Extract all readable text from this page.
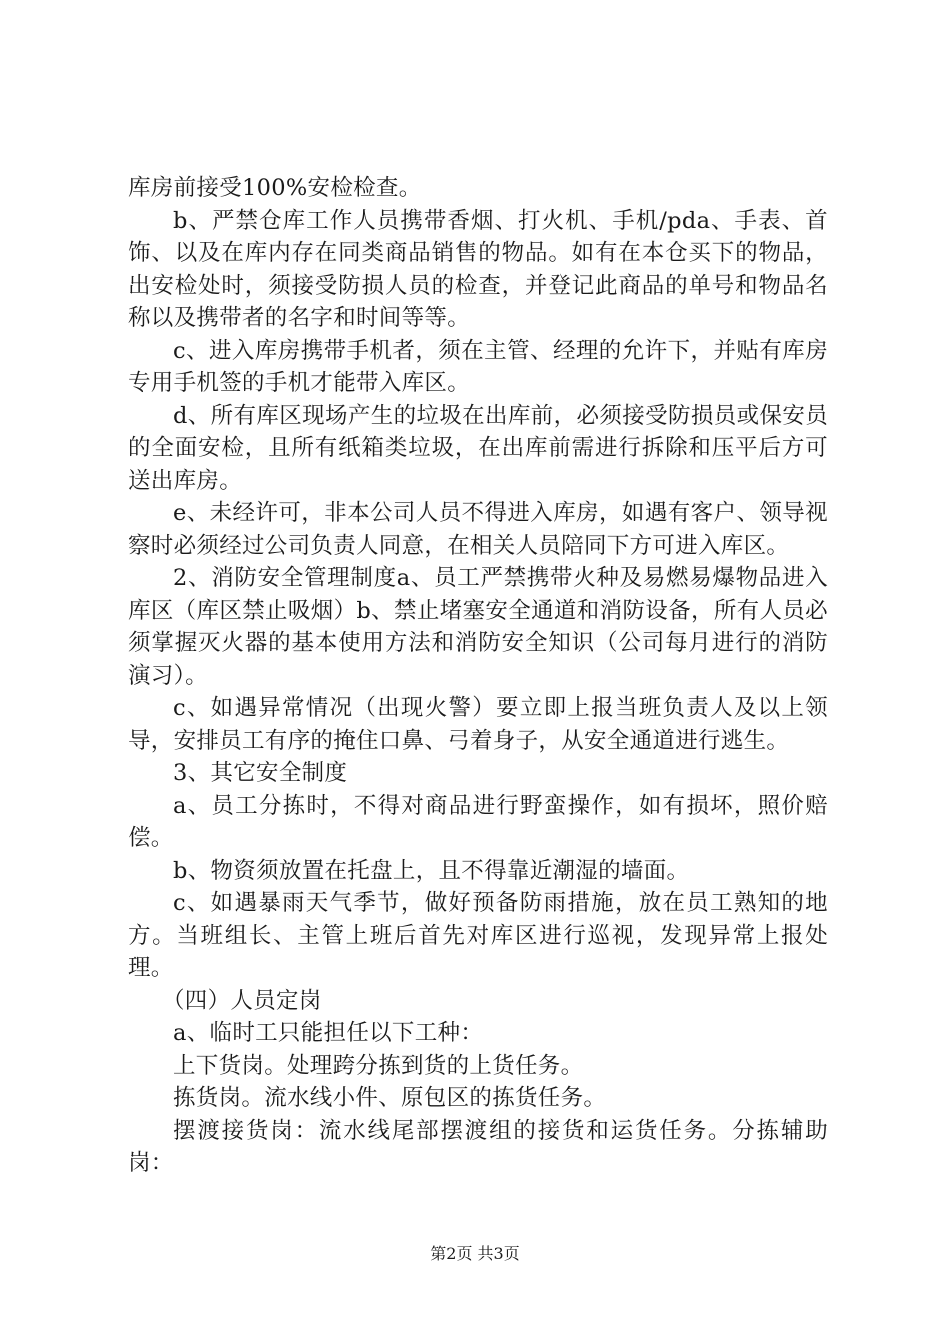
库房前接受100%安检检查。

b、严禁仓库工作人员携带香烟、打火机、手机/pda、手表、首饰、以及在库内存在同类商品销售的物品。如有在本仓买下的物品，出安检处时，须接受防损人员的检查，并登记此商品的单号和物品名称以及携带者的名字和时间等等。

c、进入库房携带手机者，须在主管、经理的允许下，并贴有库房专用手机签的手机才能带入库区。

d、所有库区现场产生的垃圾在出库前，必须接受防损员或保安员的全面安检，且所有纸箱类垃圾，在出库前需进行拆除和压平后方可送出库房。

e、未经许可，非本公司人员不得进入库房，如遇有客户、领导视察时必须经过公司负责人同意，在相关人员陪同下方可进入库区。

2、消防安全管理制度a、员工严禁携带火种及易燃易爆物品进入库区（库区禁止吸烟）b、禁止堵塞安全通道和消防设备，所有人员必须掌握灭火器的基本使用方法和消防安全知识（公司每月进行的消防演习）。

c、如遇异常情况（出现火警）要立即上报当班负责人及以上领导，安排员工有序的掩住口鼻、弓着身子，从安全通道进行逃生。

3、其它安全制度

a、员工分拣时，不得对商品进行野蛮操作，如有损坏，照价赔偿。

b、物资须放置在托盘上，且不得靠近潮湿的墙面。

c、如遇暴雨天气季节，做好预备防雨措施，放在员工熟知的地方。当班组长、主管上班后首先对库区进行巡视，发现异常上报处理。

（四）人员定岗

a、临时工只能担任以下工种：

上下货岗。处理跨分拣到货的上货任务。

拣货岗。流水线小件、原包区的拣货任务。

摆渡接货岗：流水线尾部摆渡组的接货和运货任务。分拣辅助岗：

第2页 共3页
